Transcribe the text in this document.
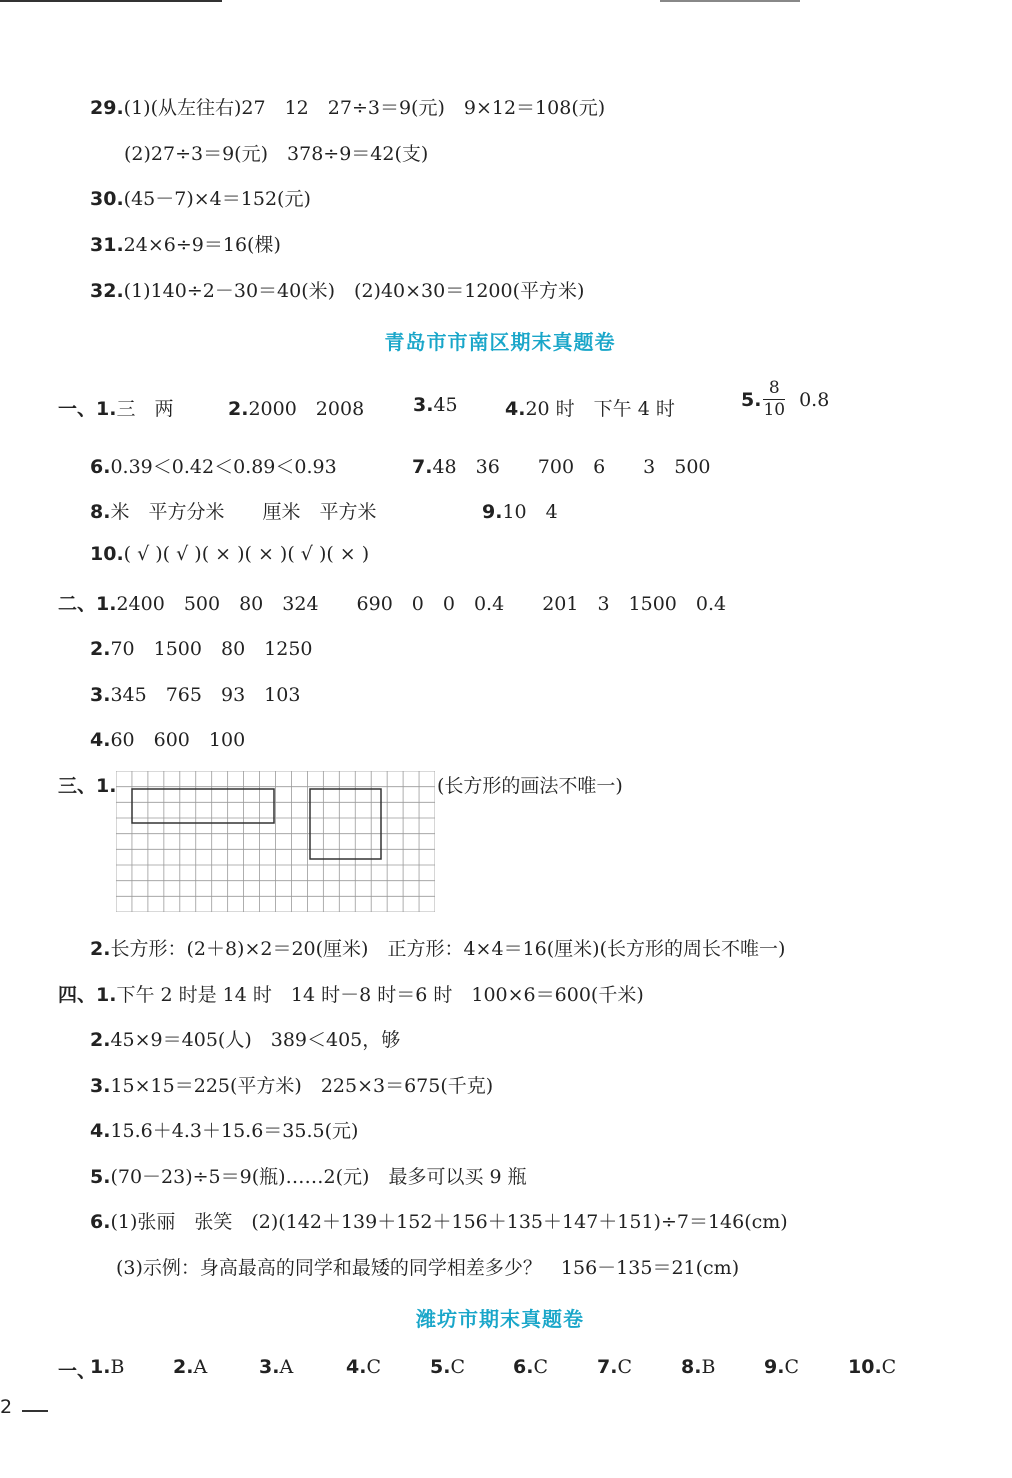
29.(1)(从左往右)27　12　27÷3＝9(元)　9×12＝108(元)
(2)27÷3＝9(元)　378÷9＝42(支)
30.(45－7)×4＝152(元)
31.24×6÷9＝16(棵)
32.(1)140÷2－30＝40(米)　(2)40×30＝1200(平方米)
青岛市市南区期末真题卷
一、1.三　两	2.2000　2008	3.45 4.20 时　下午 4 时	5. $\frac{8}{10} 0.8$
6.0.39＜0.42＜0.89＜0.93	7.48　36　　700　6　　3　500
8.米　平方分米　　厘米　平方米	9.10　4
10.( √ )( √ )( × )( × )( √ )( × )
二、1.2400　500　80　324　　690　0　0　0.4　　201　3　1500　0.4
2.70　1500　80　1250
3.345　765　93　103
4.60　600　100
三、1.	(长方形的画法不唯一)
2.长方形：(2＋8)×2＝20(厘米)　正方形：4×4＝16(厘米)(长方形的周长不唯一)
四、1.下午 2 时是 14 时　14 时－8 时＝6 时　100×6＝600(千米)
2.45×9＝405(人)　389＜405，够
3.15×15＝225(平方米)　225×3＝675(千克)
4.15.6＋4.3＋15.6＝35.5(元)
5.(70－23)÷5＝9(瓶)……2(元)　最多可以买 9 瓶
6.(1)张丽　张笑　(2)(142＋139＋152＋156＋135＋147＋151)÷7＝146(cm)
(3)示例：身高最高的同学和最矮的同学相差多少？　156－135＝21(cm)
潍坊市期末真题卷
一、
1.B	2.A	3.A	4.C	5.C	6.C	7.C	8.B	9.C	10.C
2
